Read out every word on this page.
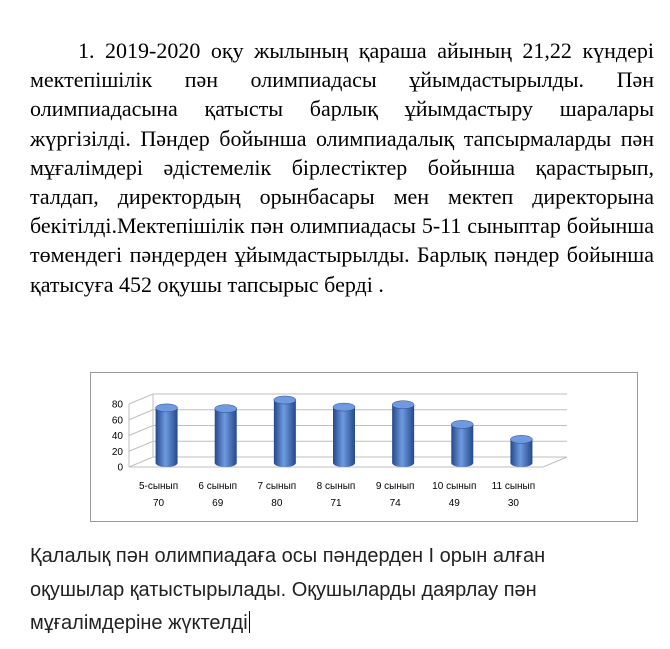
1. 2019-2020 оқу жылының қараша айының 21,22 күндері мектепішілік пән олимпиадасы ұйымдастырылды. Пән олимпиадасына қатысты барлық ұйымдастыру шаралары жүргізілді. Пәндер бойынша олимпиадалық тапсырмаларды пән мұғалімдері әдістемелік бірлестіктер бойынша қарастырып, талдап, директордың орынбасары мен мектеп директорына бекітілді.Мектепішілік пән олимпиадасы 5-11 сыныптар бойынша төмендегі пәндерден ұйымдастырылды. Барлық пәндер бойынша қатысуға 452 оқушы тапсырыс берді .

0
20
40
60
80
5-сынып
70
6 сынып
69
7 сынып
80
8 сынып
71
9 сынып
74
10 сынып
49
11 сынып
30

Қалалық пән олимпиадаға осы пәндерден І орын алған оқушылар қатыстырылады. Оқушыларды даярлау пән мұғалімдеріне жүктелді
